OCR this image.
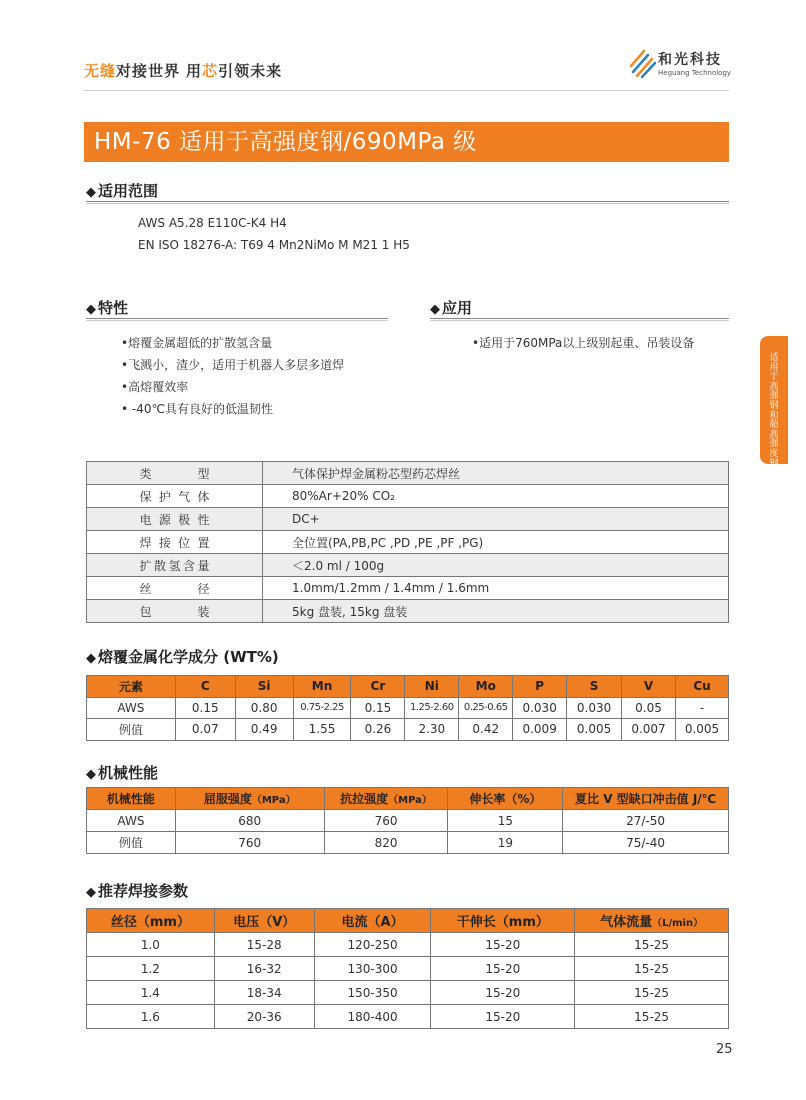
无缝对接世界 用芯引领未来
和光科技
Heguang Technology
HM-76 适用于高强度钢/690MPa 级
◆ 适用范围
AWS A5.28 E110C-K4 H4
EN ISO 18276-A: T69 4 Mn2NiMo M M21 1 H5
◆ 特性
•熔覆金属超低的扩散氢含量
•飞溅小，渣少，适用于机器人多层多道焊
•高熔覆效率
• -40℃具有良好的低温韧性
◆ 应用
•适用于760MPa以上级别起重、吊装设备
适用于高强钢和超高强度钢
类型	气体保护焊金属粉芯型药芯焊丝
保护气体	80%Ar+20% CO₂
电源极性	DC+
焊接位置	全位置(PA,PB,PC ,PD ,PE ,PF ,PG)
扩散氢含量	＜2.0 ml / 100g
丝径	1.0mm/1.2mm / 1.4mm / 1.6mm
包装	5kg 盘装, 15kg 盘装
◆ 熔覆金属化学成分 (WT%)
元素	C	Si	Mn	Cr	Ni	Mo	P	S	V	Cu
AWS	0.15	0.80	0.75-2.25	0.15	1.25-2.60	0.25-0.65	0.030	0.030	0.05	-
例值	0.07	0.49	1.55	0.26	2.30	0.42	0.009	0.005	0.007	0.005
◆ 机械性能
机械性能	屈服强度（MPa）	抗拉强度（MPa）	伸长率（%）	夏比 V 型缺口冲击值 J/℃
AWS	680	760	15	27/-50
例值	760	820	19	75/-40
◆ 推荐焊接参数
丝径（mm）	电压（V）	电流（A）	干伸长（mm）	气体流量（L/min）
1.0	15-28	120-250	15-20	15-25
1.2	16-32	130-300	15-20	15-25
1.4	18-34	150-350	15-20	15-25
1.6	20-36	180-400	15-20	15-25
25
